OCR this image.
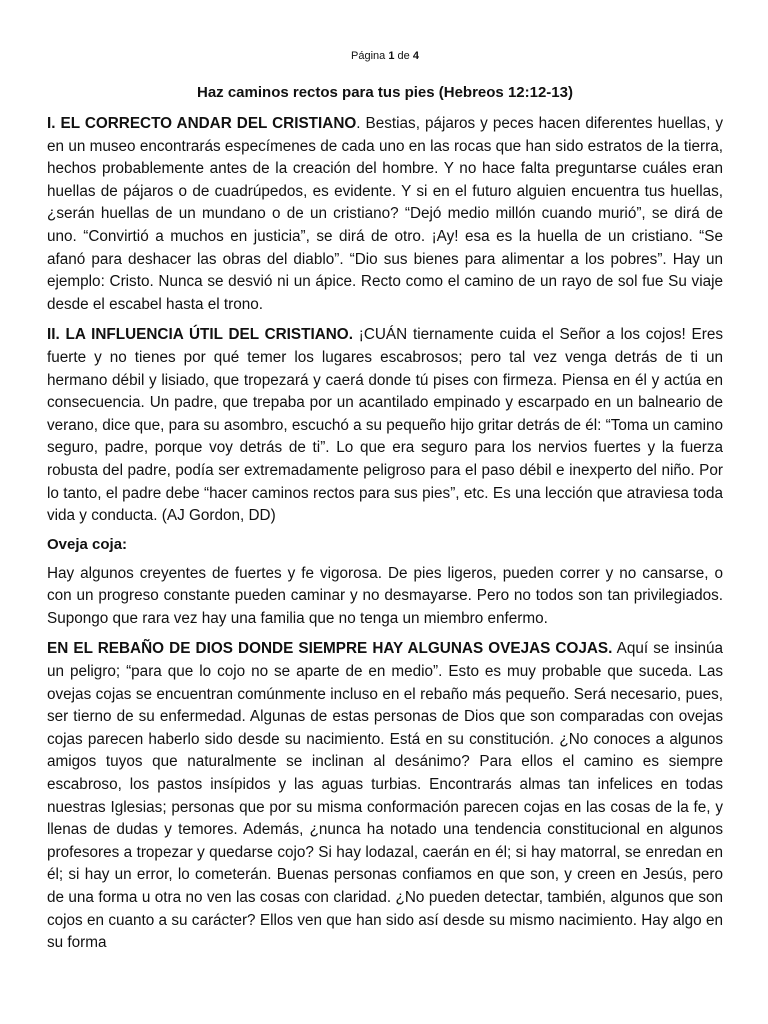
Página 1 de 4
Haz caminos rectos para tus pies (Hebreos 12:12-13)

I. EL CORRECTO ANDAR DEL CRISTIANO. Bestias, pájaros y peces hacen diferentes huellas, y en un museo encontrarás especímenes de cada uno en las rocas que han sido estratos de la tierra, hechos probablemente antes de la creación del hombre. Y no hace falta preguntarse cuáles eran huellas de pájaros o de cuadrúpedos, es evidente. Y si en el futuro alguien encuentra tus huellas, ¿serán huellas de un mundano o de un cristiano? “Dejó medio millón cuando murió”, se dirá de uno. “Convirtió a muchos en justicia”, se dirá de otro. ¡Ay! esa es la huella de un cristiano. “Se afanó para deshacer las obras del diablo”. “Dio sus bienes para alimentar a los pobres”. Hay un ejemplo: Cristo. Nunca se desvió ni un ápice. Recto como el camino de un rayo de sol fue Su viaje desde el escabel hasta el trono.

II. LA INFLUENCIA ÚTIL DEL CRISTIANO. ¡CUÁN tiernamente cuida el Señor a los cojos! Eres fuerte y no tienes por qué temer los lugares escabrosos; pero tal vez venga detrás de ti un hermano débil y lisiado, que tropezará y caerá donde tú pises con firmeza. Piensa en él y actúa en consecuencia. Un padre, que trepaba por un acantilado empinado y escarpado en un balneario de verano, dice que, para su asombro, escuchó a su pequeño hijo gritar detrás de él: “Toma un camino seguro, padre, porque voy detrás de ti”. Lo que era seguro para los nervios fuertes y la fuerza robusta del padre, podía ser extremadamente peligroso para el paso débil e inexperto del niño. Por lo tanto, el padre debe “hacer caminos rectos para sus pies”, etc. Es una lección que atraviesa toda vida y conducta. (AJ Gordon, DD)

Oveja coja:

Hay algunos creyentes de fuertes y fe vigorosa. De pies ligeros, pueden correr y no cansarse, o con un progreso constante pueden caminar y no desmayarse. Pero no todos son tan privilegiados. Supongo que rara vez hay una familia que no tenga un miembro enfermo.

EN EL REBAÑO DE DIOS DONDE SIEMPRE HAY ALGUNAS OVEJAS COJAS. Aquí se insinúa un peligro; “para que lo cojo no se aparte de en medio”. Esto es muy probable que suceda. Las ovejas cojas se encuentran comúnmente incluso en el rebaño más pequeño. Será necesario, pues, ser tierno de su enfermedad. Algunas de estas personas de Dios que son comparadas con ovejas cojas parecen haberlo sido desde su nacimiento. Está en su constitución. ¿No conoces a algunos amigos tuyos que naturalmente se inclinan al desánimo? Para ellos el camino es siempre escabroso, los pastos insípidos y las aguas turbias. Encontrarás almas tan infelices en todas nuestras Iglesias; personas que por su misma conformación parecen cojas en las cosas de la fe, y llenas de dudas y temores. Además, ¿nunca ha notado una tendencia constitucional en algunos profesores a tropezar y quedarse cojo? Si hay lodazal, caerán en él; si hay matorral, se enredan en él; si hay un error, lo cometerán. Buenas personas confiamos en que son, y creen en Jesús, pero de una forma u otra no ven las cosas con claridad. ¿No pueden detectar, también, algunos que son cojos en cuanto a su carácter? Ellos ven que han sido así desde su mismo nacimiento. Hay algo en su forma
